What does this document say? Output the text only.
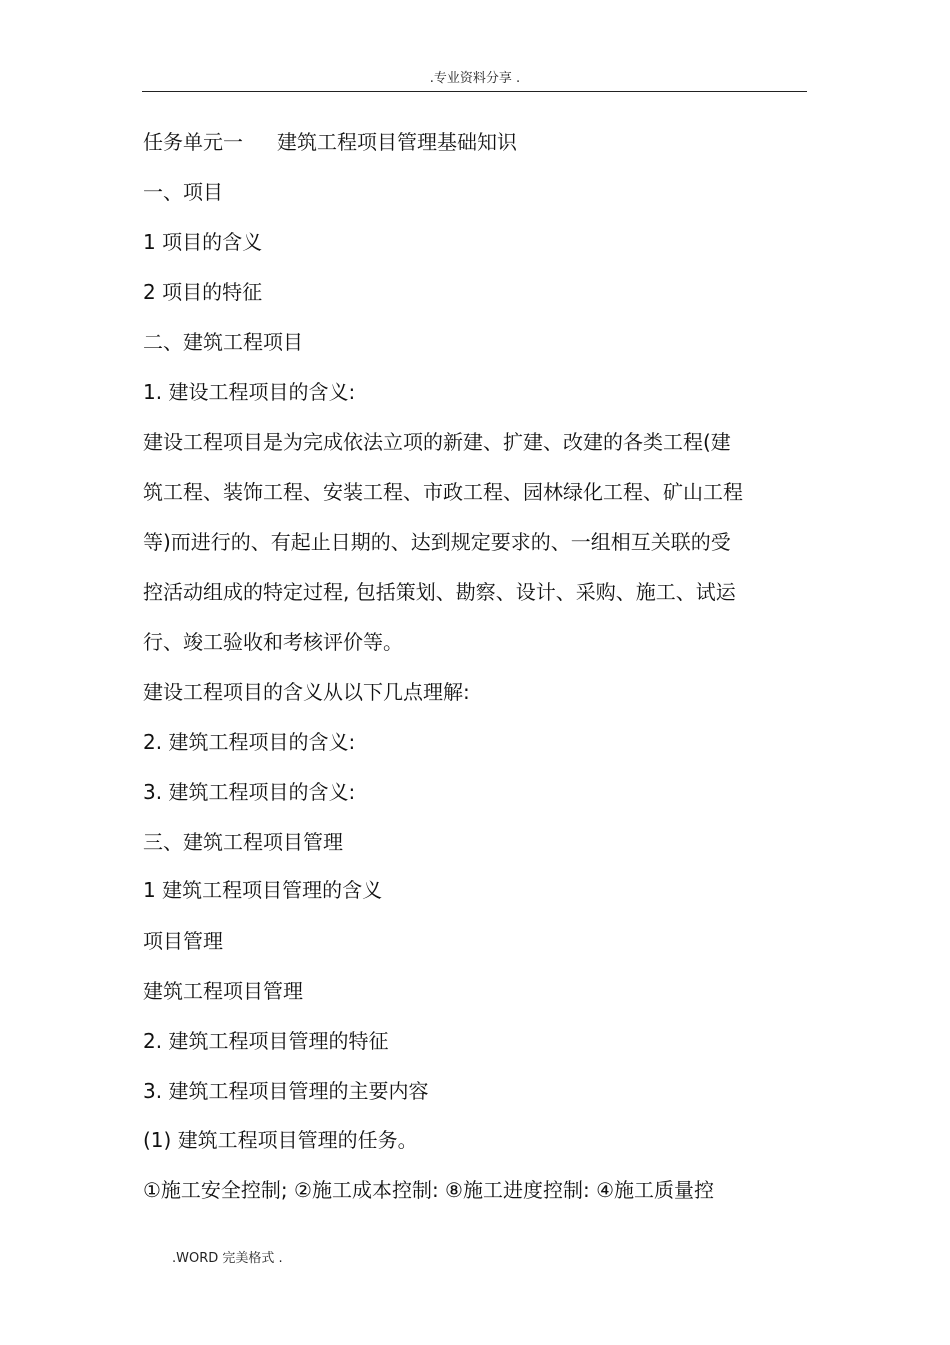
.专业资料分享 .
任务单元一 建筑工程项目管理基础知识
一、项目
1 项目的含义
2 项目的特征
二、建筑工程项目
1. 建设工程项目的含义:
建设工程项目是为完成依法立项的新建、扩建、改建的各类工程(建
筑工程、装饰工程、安装工程、市政工程、园林绿化工程、矿山工程
等)而进行的、有起止日期的、达到规定要求的、一组相互关联的受
控活动组成的特定过程, 包括策划、勘察、设计、采购、施工、试运
行、竣工验收和考核评价等。
建设工程项目的含义从以下几点理解:
2. 建筑工程项目的含义:
3. 建筑工程项目的含义:
三、建筑工程项目管理
1 建筑工程项目管理的含义
项目管理
建筑工程项目管理
2. 建筑工程项目管理的特征
3. 建筑工程项目管理的主要内容
(1) 建筑工程项目管理的任务。
①施工安全控制; ②施工成本控制: ⑧施工进度控制: ④施工质量控
.WORD 完美格式 .
